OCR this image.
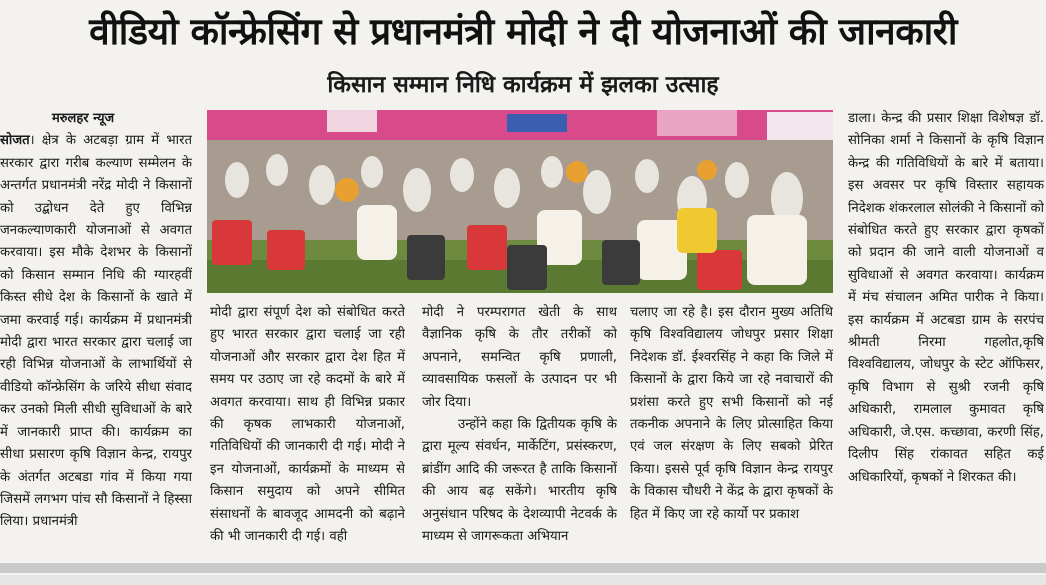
वीडियो कॉन्फ्रेसिंग से प्रधानमंत्री मोदी ने दी योजनाओं की जानकारी
किसान सम्मान निधि कार्यक्रम में झलका उत्साह
मरुलहर न्यूज

सोजत। क्षेत्र के अटबड़ा ग्राम में भारत सरकार द्वारा गरीब कल्याण सम्मेलन के अन्तर्गत प्रधानमंत्री नरेंद्र मोदी ने किसानों को उद्बोधन देते हुए विभिन्न जनकल्याणकारी योजनाओं से अवगत करवाया। इस मौके देशभर के किसानों को किसान सम्मान निधि की ग्यारहवीं किस्त सीधे देश के किसानों के खाते में जमा करवाई गई। कार्यक्रम में प्रधानमंत्री मोदी द्वारा भारत सरकार द्वारा चलाई जा रही विभिन्न योजनाओं के लाभार्थियों से वीडियो कॉन्फ्रेसिंग के जरिये सीधा संवाद कर उनको मिली सीधी सुविधाओं के बारे में जानकारी प्राप्त की। कार्यक्रम का सीधा प्रसारण कृषि विज्ञान केन्द्र, रायपुर के अंतर्गत अटबडा गांव में किया गया जिसमें लगभग पांच सौ किसानों ने हिस्सा लिया। प्रधानमंत्री

मोदी द्वारा संपूर्ण देश को संबोधित करते हुए भारत सरकार द्वारा चलाई जा रही योजनाओं और सरकार द्वारा देश हित में समय पर उठाए जा रहे कदमों के बारे में अवगत करवाया। साथ ही विभिन्न प्रकार की कृषक लाभकारी योजनाओं, गतिविधियों की जानकारी दी गई। मोदी ने इन योजनाओं, कार्यक्रमों के माध्यम से किसान समुदाय को अपने सीमित संसाधनों के बावजूद आमदनी को बढ़ाने की भी जानकारी दी गई। वही

मोदी ने परम्परागत खेती के साथ वैज्ञानिक कृषि के तौर तरीकों को अपनाने, समन्वित कृषि प्रणाली, व्यावसायिक फसलों के उत्पादन पर भी जोर दिया।

उन्होंने कहा कि द्वितीयक कृषि के द्वारा मूल्य संवर्धन, मार्केटिंग, प्रसंस्करण, ब्रांडींग आदि की जरूरत है ताकि किसानों की आय बढ़ सकेंगे। भारतीय कृषि अनुसंधान परिषद के देशव्यापी नेटवर्क के माध्यम से जागरूकता अभियान

चलाए जा रहे है। इस दौरान मुख्य अतिथि कृषि विश्वविद्यालय जोधपुर प्रसार शिक्षा निदेशक डॉ. ईश्वरसिंह ने कहा कि जिले में किसानों के द्वारा किये जा रहे नवाचारों की प्रशंसा करते हुए सभी किसानों को नई तकनीक अपनाने के लिए प्रोत्साहित किया एवं जल संरक्षण के लिए सबको प्रेरित किया। इससे पूर्व कृषि विज्ञान केन्द्र रायपुर के विकास चौधरी ने केंद्र के द्वारा कृषकों के हित में किए जा रहे कार्यो पर प्रकाश

डाला। केन्द्र की प्रसार शिक्षा विशेषज्ञ डॉ. सोनिका शर्मा ने किसानों के कृषि विज्ञान केन्द्र की गतिविधियों के बारे में बताया। इस अवसर पर कृषि विस्तार सहायक निदेशक शंकरलाल सोलंकी ने किसानों को संबोधित करते हुए सरकार द्वारा कृषकों को प्रदान की जाने वाली योजनाओं व सुविधाओं से अवगत करवाया। कार्यक्रम में मंच संचालन अमित पारीक ने किया। इस कार्यक्रम में अटबडा ग्राम के सरपंच श्रीमती निरमा गहलोत,कृषि विश्वविद्यालय, जोधपुर के स्टेट ऑफिसर, कृषि विभाग से सुश्री रजनी कृषि अधिकारी, रामलाल कुमावत कृषि अधिकारी, जे.एस. कच्छावा, करणी सिंह, दिलीप सिंह रांकावत सहित कई अधिकारियों, कृषकों ने शिरकत की।
